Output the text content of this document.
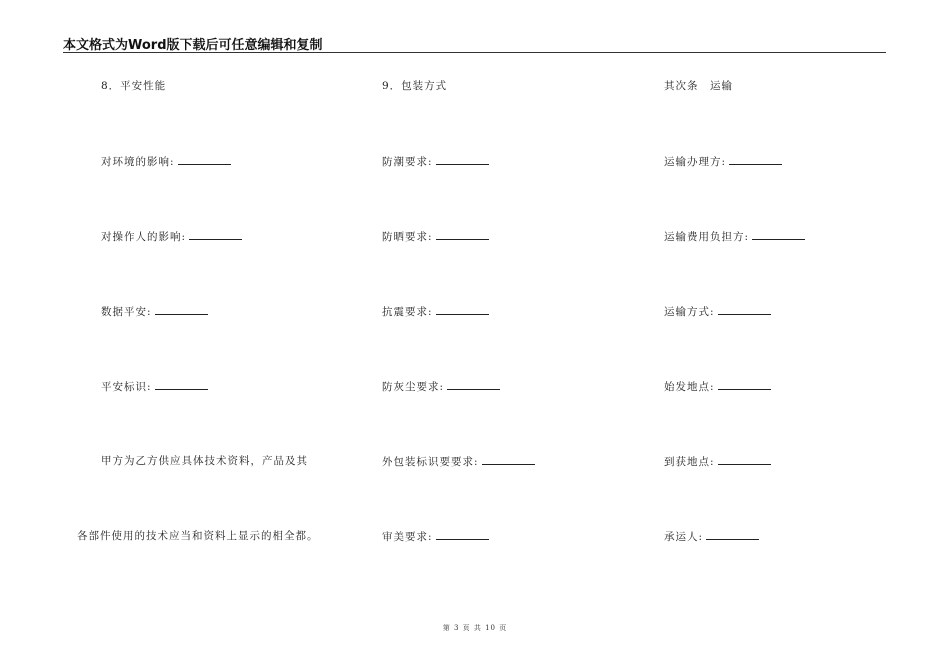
本文格式为Word版下载后可任意编辑和复制
8．平安性能
对环境的影响:
对操作人的影响:
数据平安:
平安标识:
甲方为乙方供应具体技术资料，产品及其
各部件使用的技术应当和资料上显示的相全都。
9．包装方式
防潮要求:
防晒要求:
抗震要求:
防灰尘要求:
外包装标识要要求:
审美要求:
其次条　运输
运输办理方:
运输费用负担方:
运输方式:
始发地点:
到获地点:
承运人:
第 3 页 共 10 页
